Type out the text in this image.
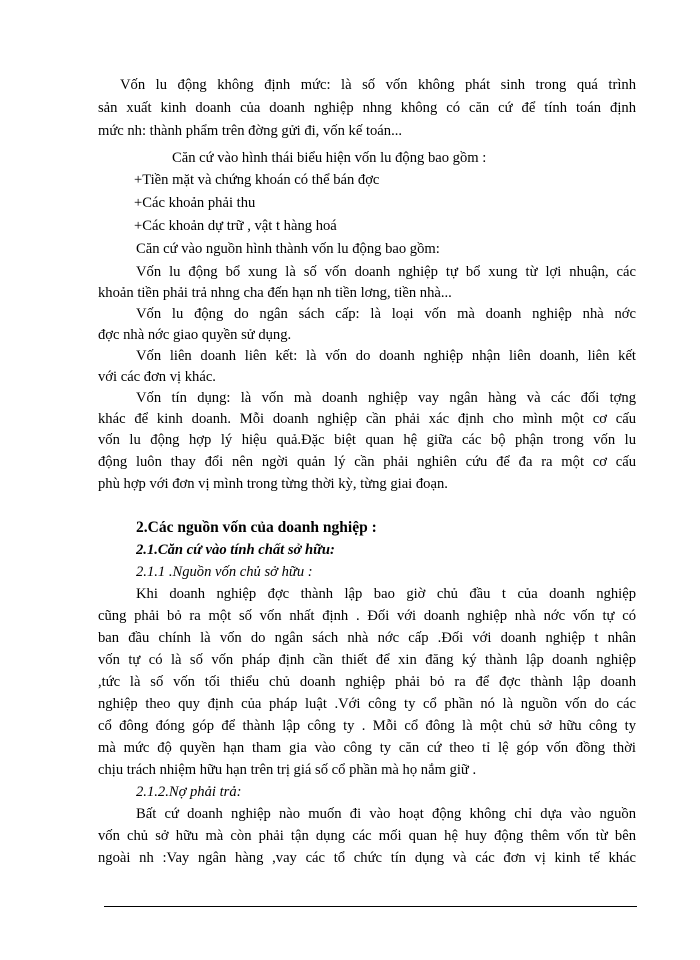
Vốn lu động không định mức: là số vốn không phát sinh trong quá trình
sản xuất kinh doanh của doanh nghiệp nhng không có căn cứ để tính toán định
mức nh: thành phẩm trên đờng gửi đi, vốn kế toán...
Căn cứ vào hình thái biểu hiện vốn lu động bao gồm :
+Tiền mặt và chứng khoán có thể bán đợc
+Các khoản phải thu
+Các khoản dự trữ , vật t hàng hoá
Căn cứ vào nguồn hình thành vốn lu động bao gồm:
Vốn lu động bổ xung là số vốn doanh nghiệp tự bổ xung từ lợi nhuận, các
khoản tiền phải trả nhng cha đến hạn nh tiền lơng, tiền nhà...
Vốn lu động do ngân sách cấp: là loại vốn mà doanh nghiệp nhà nớc
đợc nhà nớc giao quyền sử dụng.
Vốn liên doanh liên kết: là vốn do doanh nghiệp nhận liên doanh, liên kết
với các đơn vị khác.
Vốn tín dụng: là vốn mà doanh nghiệp vay ngân hàng và các đối tợng
khác để kinh doanh. Mỗi doanh nghiệp cần phải xác định cho mình một cơ cấu
vốn lu động hợp lý hiệu quả.Đặc biệt quan hệ giữa các bộ phận trong vốn lu
động luôn thay đổi nên ngời quản lý cần phải nghiên cứu để đa ra một cơ cấu
phù hợp với đơn vị mình trong từng thời kỳ, từng giai đoạn.
2.Các nguồn vốn của doanh nghiệp :
2.1.Căn cứ vào tính chất sở hữu:
2.1.1 .Nguồn vốn chủ sở hữu :
Khi doanh nghiệp đợc thành lập bao giờ chủ đầu t của doanh nghiệp
cũng phải bỏ ra một số vốn nhất định . Đối với doanh nghiệp nhà nớc vốn tự có
ban đầu chính là vốn do ngân sách nhà nớc cấp .Đối với doanh nghiệp t nhân
vốn tự có là số vốn pháp định cần thiết để xin đăng ký thành lập doanh nghiệp
,tức là số vốn tối thiểu chủ doanh nghiệp phải bỏ ra để đợc thành lập doanh
nghiệp theo quy định của pháp luật .Với công ty cổ phần nó là nguồn vốn do các
cổ đông đóng góp để thành lập công ty . Mỗi cổ đông là một chủ sở hữu công ty
mà mức độ quyền hạn tham gia vào công ty căn cứ theo tỉ lệ góp vốn đồng thời
chịu trách nhiệm hữu hạn trên trị giá số cổ phần mà họ nắm giữ .
2.1.2.Nợ phải trả:
Bất cứ doanh nghiệp nào muốn đi vào hoạt động không chỉ dựa vào nguồn
vốn chủ sở hữu mà còn phải tận dụng các mối quan hệ huy động thêm vốn từ bên
ngoài nh :Vay ngân hàng ,vay các tổ chức tín dụng và các đơn vị kinh tế khác
